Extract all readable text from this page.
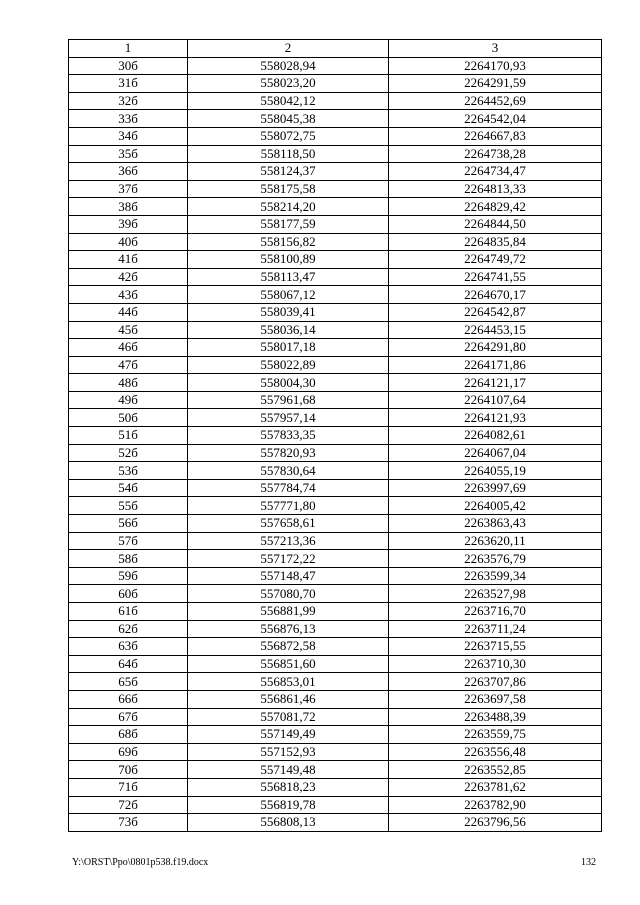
1	2	3
30б	558028,94	2264170,93
31б	558023,20	2264291,59
32б	558042,12	2264452,69
33б	558045,38	2264542,04
34б	558072,75	2264667,83
35б	558118,50	2264738,28
36б	558124,37	2264734,47
37б	558175,58	2264813,33
38б	558214,20	2264829,42
39б	558177,59	2264844,50
40б	558156,82	2264835,84
41б	558100,89	2264749,72
42б	558113,47	2264741,55
43б	558067,12	2264670,17
44б	558039,41	2264542,87
45б	558036,14	2264453,15
46б	558017,18	2264291,80
47б	558022,89	2264171,86
48б	558004,30	2264121,17
49б	557961,68	2264107,64
50б	557957,14	2264121,93
51б	557833,35	2264082,61
52б	557820,93	2264067,04
53б	557830,64	2264055,19
54б	557784,74	2263997,69
55б	557771,80	2264005,42
56б	557658,61	2263863,43
57б	557213,36	2263620,11
58б	557172,22	2263576,79
59б	557148,47	2263599,34
60б	557080,70	2263527,98
61б	556881,99	2263716,70
62б	556876,13	2263711,24
63б	556872,58	2263715,55
64б	556851,60	2263710,30
65б	556853,01	2263707,86
66б	556861,46	2263697,58
67б	557081,72	2263488,39
68б	557149,49	2263559,75
69б	557152,93	2263556,48
70б	557149,48	2263552,85
71б	556818,23	2263781,62
72б	556819,78	2263782,90
73б	556808,13	2263796,56
Y:\ORST\Ppo\0801p538.f19.docx	132
